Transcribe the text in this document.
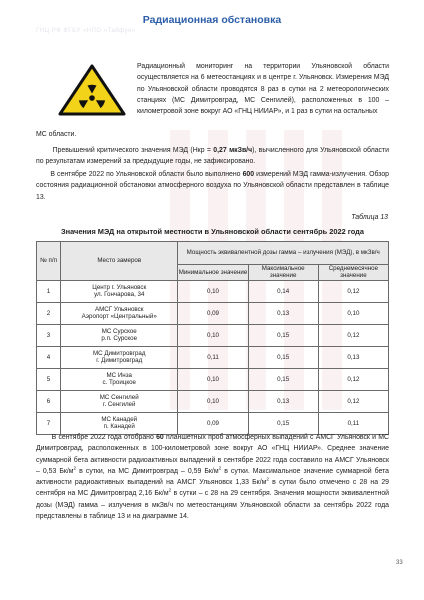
ГНЦ РФ ФГБУ «НПО «Тайфун»
Радиационная обстановка
Радиационный мониторинг на территории Ульяновской области осуществляется на 6 метеостанциях и в центре г. Ульяновск. Измерения МЭД по Ульяновской области проводятся 8 раз в сутки на 2 метеорологических станциях (МС Димитровград, МС Сенгилей), расположенных в 100 – километровой зоне вокруг АО «ГНЦ НИИАР», и 1 раз в сутки на остальных
МС области.
Превышений критического значения МЭД (Нкр = 0,27 мкЗв/ч), вычисленного для Ульяновской области по результатам измерений за предыдущие годы, не зафиксировано.
В сентябре 2022 по Ульяновской области было выполнено 600 измерений МЭД гамма-излучения. Обзор состояния радиационной обстановки атмосферного воздуха по Ульяновской области представлен в таблице 13.
Таблица 13
Значения МЭД на открытой местности в Ульяновской области сентябрь 2022 года
№ п/п	Место замеров	Мощность эквивалентной дозы гамма – излучения (МЭД), в мкЗв/ч		
		Минимальное значение	Максимальное значение	Среднемесячное значение
1	Центр г. Ульяновск
ул. Гончарова, 34	0,10	0,14	0,12
2	АМСГ Ульяновск
Аэропорт «Центральный»	0,09	0,13	0,10
3	МС Сурское
р.п. Сурское	0,10	0,15	0,12
4	МС Димитровград
г. Димитровград	0,11	0,15	0,13
5	МС Инза
с. Троицкое	0,10	0,15	0,12
6	МС Сенгилей
г. Сенгилей	0,10	0,13	0,12
7	МС Канадей
п. Канадей	0,09	0,15	0,11
В сентябре 2022 года отобрано 60 планшетных проб атмосферных выпадений с АМСГ Ульяновск и МС Димитровград, расположенных в 100-километровой зоне вокруг АО «ГНЦ НИИАР». Среднее значение суммарной бета активности радиоактивных выпадений в сентябре 2022 года составило на АМСГ Ульяновск – 0,53 $Бк/м^2$ в сутки, на МС Димитровград – 0,59 $Бк/м^2$ в сутки. Максимальное значение суммарной бета активности радиоактивных выпадений на АМСГ Ульяновск 1,33 $Бк/м^2$ в сутки было отмечено с 28 на 29 сентября на МС Димитровград 2,16 $Бк/м^2$ в сутки – с 28 на 29 сентября. Значения мощности эквивалентной дозы (МЭД) гамма – излучения в мкЗв/ч по метеостанциям Ульяновской области за сентябрь 2022 года представлены в таблице 13 и на диаграмме 14.
33
